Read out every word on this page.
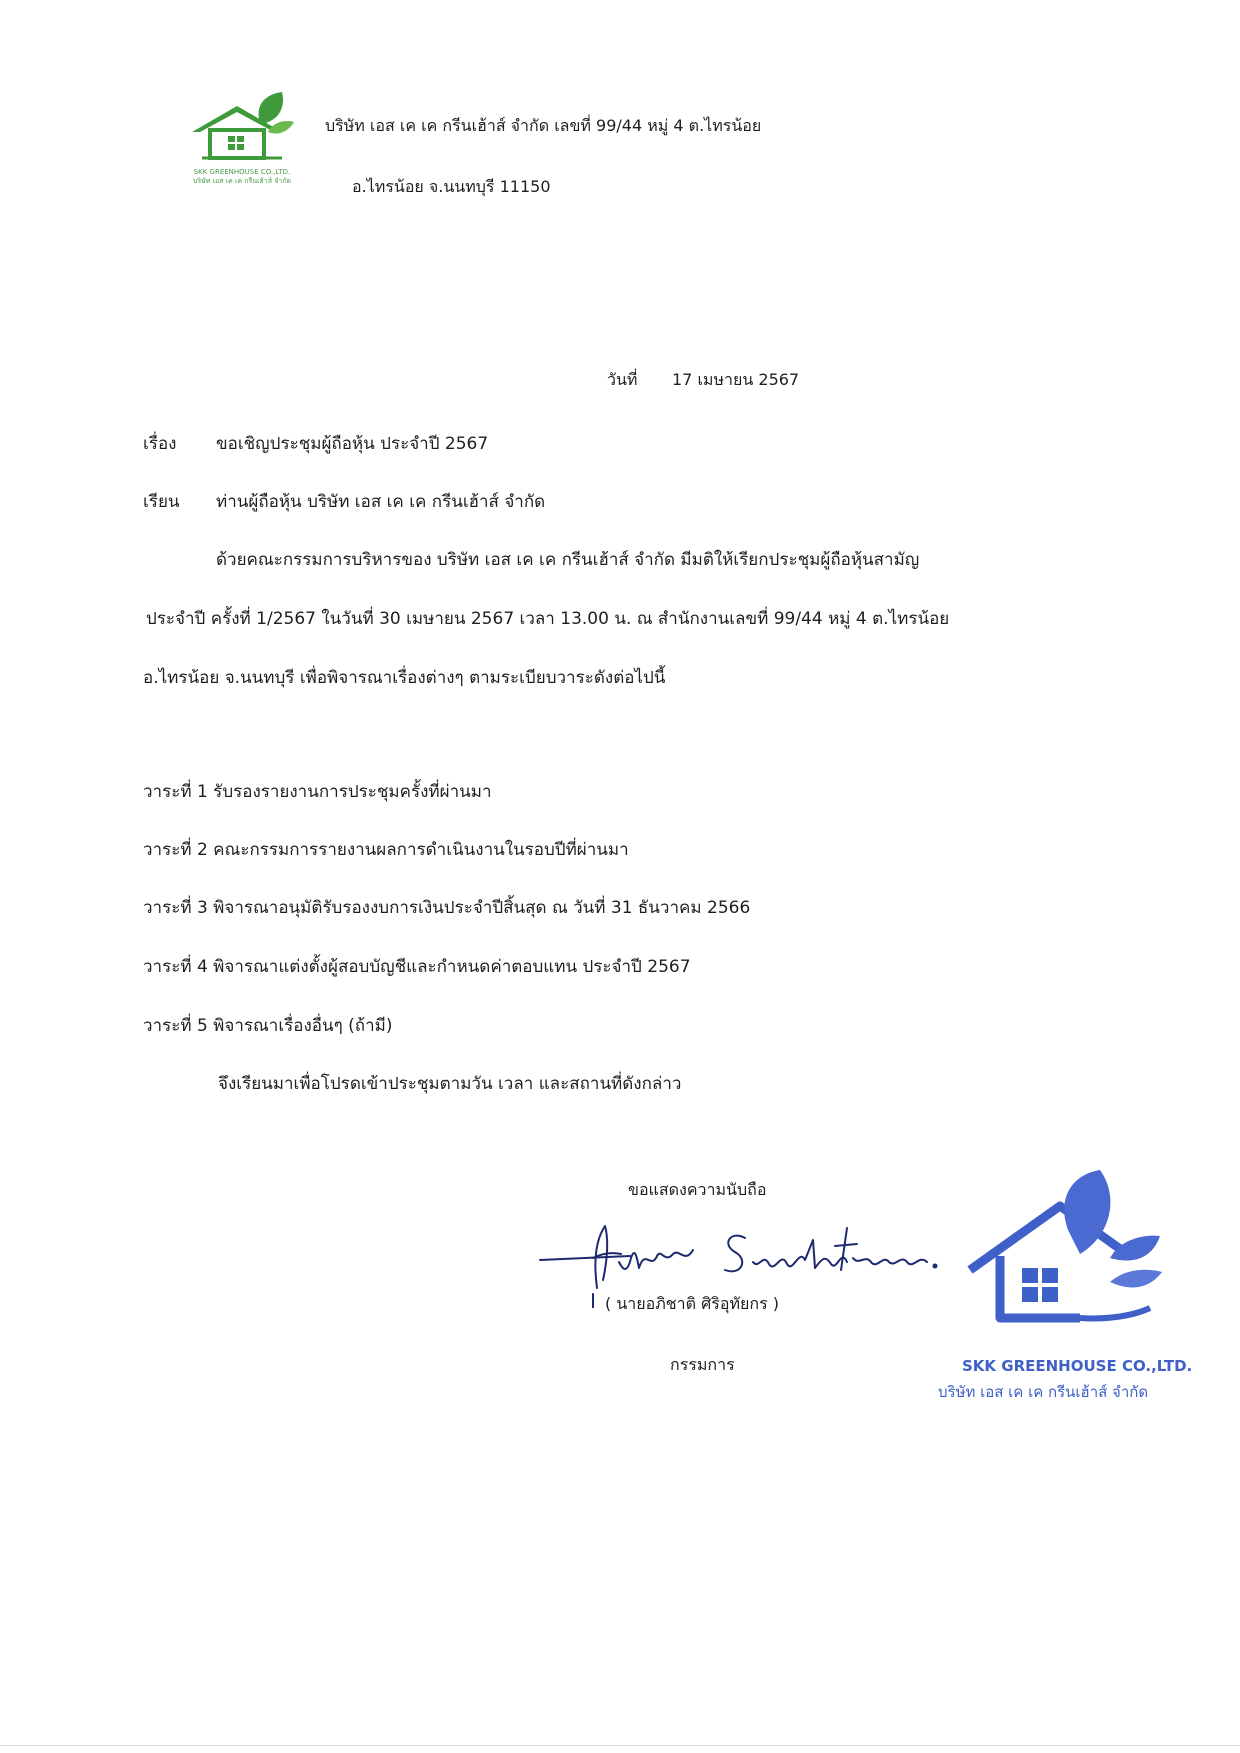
SKK GREENHOUSE CO.,LTD.
บริษัท เอส เค เค กรีนเฮ้าส์ จำกัด
บริษัท เอส เค เค กรีนเฮ้าส์ จำกัด เลขที่ 99/44 หมู่ 4 ต.ไทรน้อย
อ.ไทรน้อย จ.นนทบุรี 11150
วันที่ 17 เมษายน 2567
เรื่อง ขอเชิญประชุมผู้ถือหุ้น ประจำปี 2567
เรียน ท่านผู้ถือหุ้น บริษัท เอส เค เค กรีนเฮ้าส์ จำกัด
ด้วยคณะกรรมการบริหารของ บริษัท เอส เค เค กรีนเฮ้าส์ จำกัด มีมติให้เรียกประชุมผู้ถือหุ้นสามัญ
ประจำปี ครั้งที่ 1/2567 ในวันที่ 30 เมษายน 2567 เวลา 13.00 น. ณ สำนักงานเลขที่ 99/44 หมู่ 4 ต.ไทรน้อย
อ.ไทรน้อย จ.นนทบุรี เพื่อพิจารณาเรื่องต่างๆ ตามระเบียบวาระดังต่อไปนี้
วาระที่ 1 รับรองรายงานการประชุมครั้งที่ผ่านมา
วาระที่ 2 คณะกรรมการรายงานผลการดำเนินงานในรอบปีที่ผ่านมา
วาระที่ 3 พิจารณาอนุมัติรับรองงบการเงินประจำปีสิ้นสุด ณ วันที่ 31 ธันวาคม 2566
วาระที่ 4 พิจารณาแต่งตั้งผู้สอบบัญชีและกำหนดค่าตอบแทน ประจำปี 2567
วาระที่ 5 พิจารณาเรื่องอื่นๆ (ถ้ามี)
จึงเรียนมาเพื่อโปรดเข้าประชุมตามวัน เวลา และสถานที่ดังกล่าว
ขอแสดงความนับถือ
( นายอภิชาติ ศิริอุทัยกร )
กรรมการ	SKK GREENHOUSE CO.,LTD.
บริษัท เอส เค เค กรีนเฮ้าส์ จำกัด
